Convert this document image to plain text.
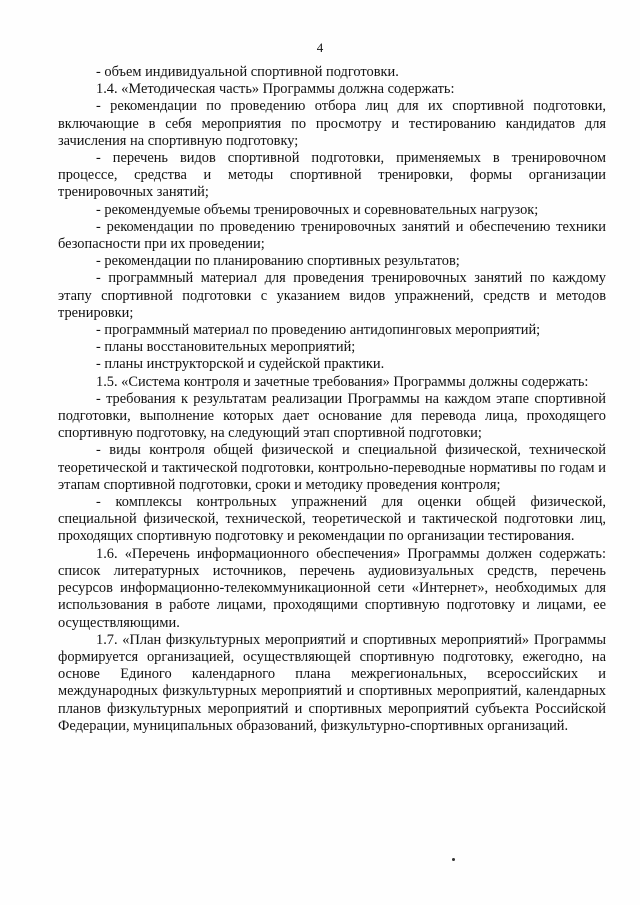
4

- объем индивидуальной спортивной подготовки.

1.4. «Методическая часть» Программы должна содержать:

- рекомендации по проведению отбора лиц для их спортивной подготовки, включающие в себя мероприятия по просмотру и тестированию кандидатов для зачисления на спортивную подготовку;

- перечень видов спортивной подготовки, применяемых в тренировочном процессе, средства и методы спортивной тренировки, формы организации тренировочных занятий;

- рекомендуемые объемы тренировочных и соревновательных нагрузок;

- рекомендации по проведению тренировочных занятий и обеспечению техники безопасности при их проведении;

- рекомендации по планированию спортивных результатов;

- программный материал для проведения тренировочных занятий по каждому этапу спортивной подготовки с указанием видов упражнений, средств и методов тренировки;

- программный материал по проведению антидопинговых мероприятий;

- планы восстановительных мероприятий;

- планы инструкторской и судейской практики.

1.5. «Система контроля и зачетные требования» Программы должны содержать:

- требования к результатам реализации Программы на каждом этапе спортивной подготовки, выполнение которых дает основание для перевода лица, проходящего спортивную подготовку, на следующий этап спортивной подготовки;

- виды контроля общей физической и специальной физической, технической теоретической и тактической подготовки, контрольно-переводные нормативы по годам и этапам спортивной подготовки, сроки и методику проведения контроля;

- комплексы контрольных упражнений для оценки общей физической, специальной физической, технической, теоретической и тактической подготовки лиц, проходящих спортивную подготовку и рекомендации по организации тестирования.

1.6. «Перечень информационного обеспечения» Программы должен содержать: список литературных источников, перечень аудиовизуальных средств, перечень ресурсов информационно-телекоммуникационной сети «Интернет», необходимых для использования в работе лицами, проходящими спортивную подготовку и лицами, ее осуществляющими.

1.7. «План физкультурных мероприятий и спортивных мероприятий» Программы формируется организацией, осуществляющей спортивную подготовку, ежегодно, на основе Единого календарного плана межрегиональных, всероссийских и международных физкультурных мероприятий и спортивных мероприятий, календарных планов физкультурных мероприятий и спортивных мероприятий субъекта Российской Федерации, муниципальных образований, физкультурно-спортивных организаций.
